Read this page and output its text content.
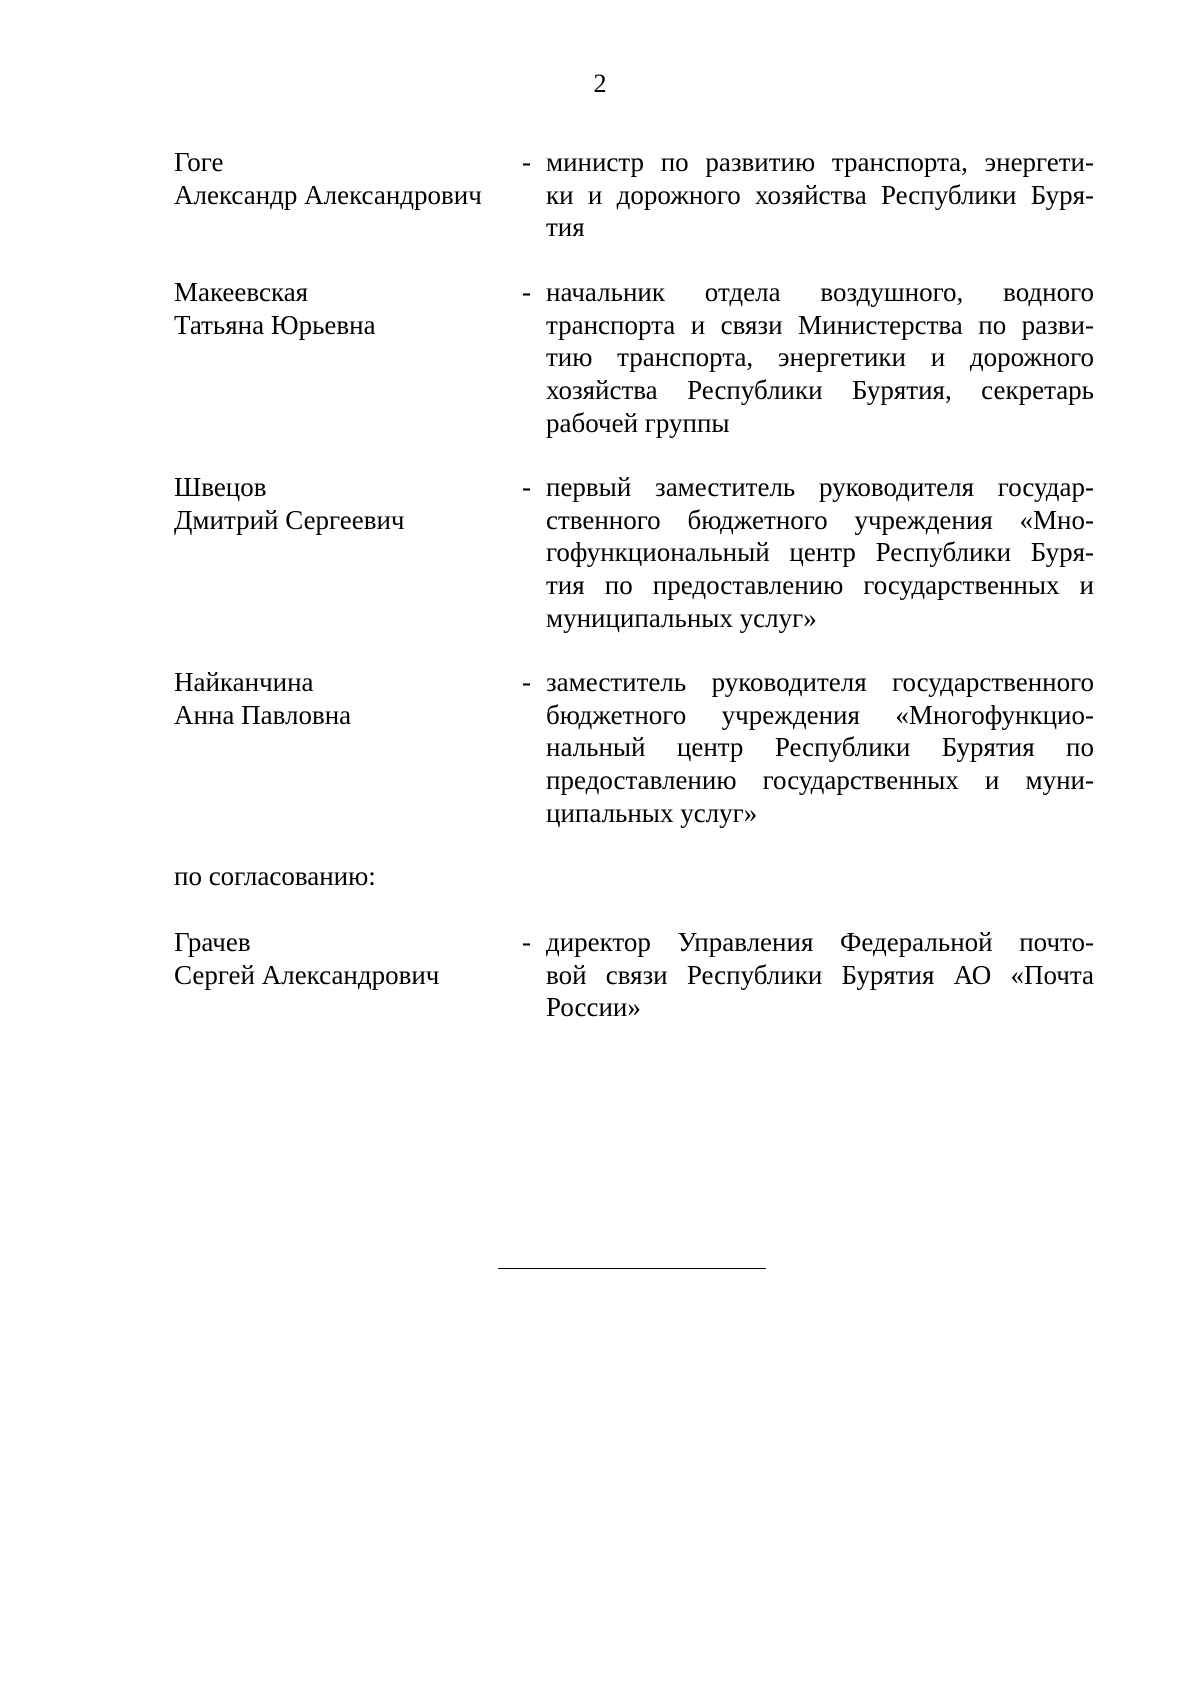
2
Гоге
Александр Александрович
- министр по развитию транспорта, энергети-
ки и дорожного хозяйства Республики Буря-
тия
Макеевская
Татьяна Юрьевна
- начальник отдела воздушного, водного
транспорта и связи Министерства по разви-
тию транспорта, энергетики и дорожного
хозяйства Республики Бурятия, секретарь
рабочей группы
Швецов
Дмитрий Сергеевич
- первый заместитель руководителя государ-
ственного бюджетного учреждения «Мно-
гофункциональный центр Республики Буря-
тия по предоставлению государственных и
муниципальных услуг»
Найканчина
Анна Павловна
- заместитель руководителя государственного
бюджетного учреждения «Многофункцио-
нальный центр Республики Бурятия по
предоставлению государственных и муни-
ципальных услуг»
по согласованию:
Грачев
Сергей Александрович
- директор Управления Федеральной почто-
вой связи Республики Бурятия АО «Почта
России»
